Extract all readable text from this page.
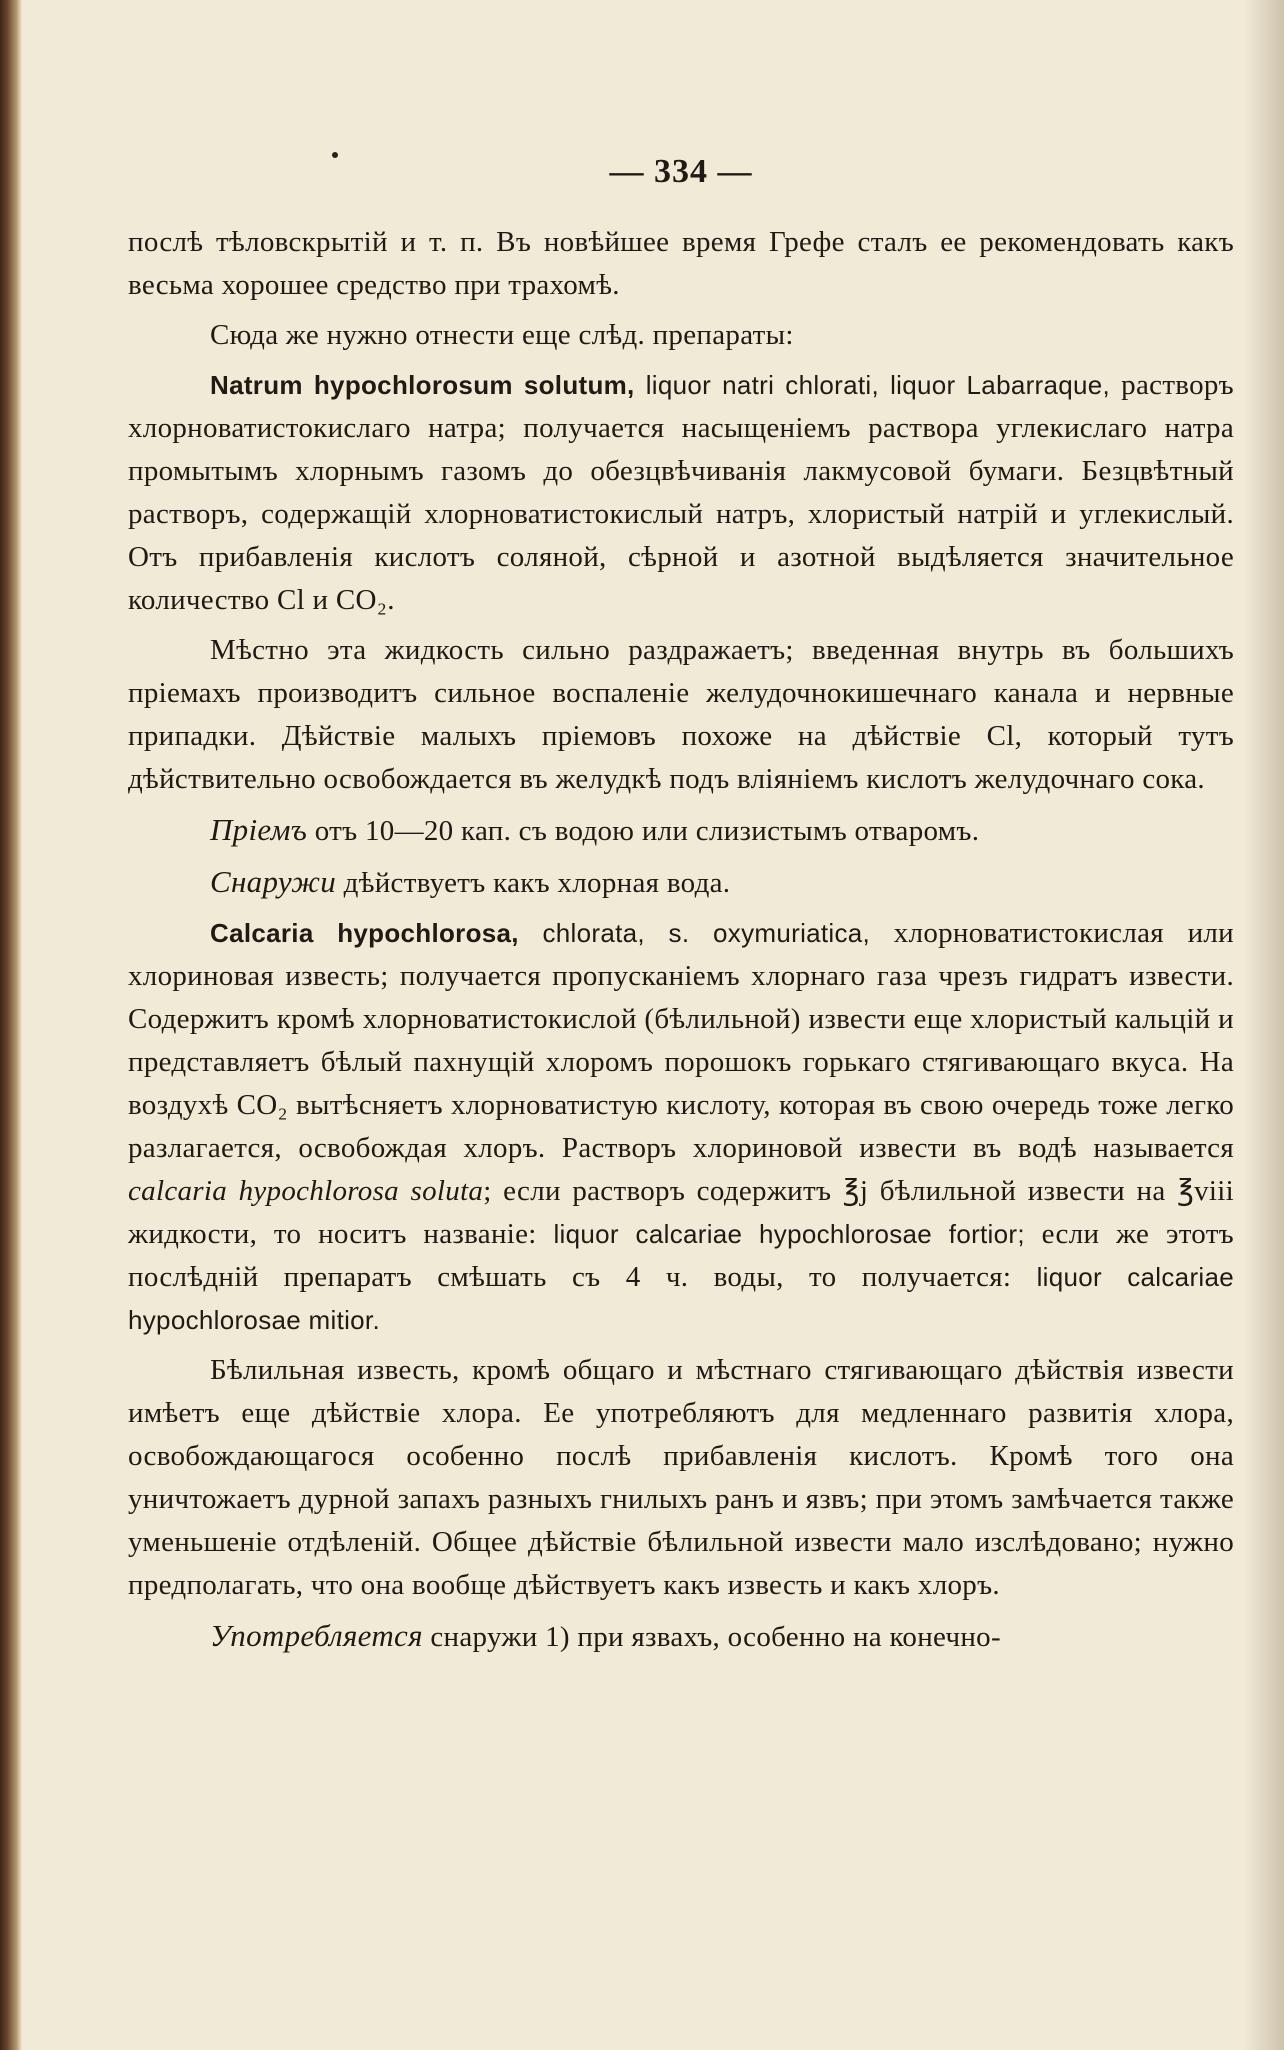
— 334 —

послѣ тѣловскрытій и т. п. Въ новѣйшее время Грефе сталъ ее рекомендовать какъ весьма хорошее средство при трахомѣ.

Сюда же нужно отнести еще слѣд. препараты:

Natrum hypochlorosum solutum, liquor natri chlorati, liquor Labarraque, растворъ хлорноватистокислаго натра; получается насыщеніемъ раствора углекислаго натра промытымъ хлорнымъ газомъ до обезцвѣчиванія лакмусовой бумаги. Безцвѣтный растворъ, содержащій хлорноватистокислый натръ, хлористый натрій и углекислый. Отъ прибавленія кислотъ соляной, сѣрной и азотной выдѣляется значительное количество Cl и CO₂.

Мѣстно эта жидкость сильно раздражаетъ; введенная внутрь въ большихъ пріемахъ производитъ сильное воспаленіе желудочнокишечнаго канала и нервные припадки. Дѣйствіе малыхъ пріемовъ похоже на дѣйствіе Cl, который тутъ дѣйствительно освобождается въ желудкѣ подъ вліяніемъ кислотъ желудочнаго сока.

Пріемъ отъ 10—20 кап. съ водою или слизистымъ отваромъ.

Снаружи дѣйствуетъ какъ хлорная вода.

Calcaria hypochlorosa, chlorata, s. oxymuriatica, хлорноватистокислая или хлориновая известь; получается пропусканіемъ хлорнаго газа чрезъ гидратъ извести. Содержитъ кромѣ хлорноватистокислой (бѣлильной) извести еще хлористый кальцій и представляетъ бѣлый пахнущій хлоромъ порошокъ горькаго стягивающаго вкуса. На воздухѣ CO₂ вытѣсняетъ хлорноватистую кислоту, которая въ свою очередь тоже легко разлагается, освобождая хлоръ. Растворъ хлориновой извести въ водѣ называется calcaria hypochlorosa soluta; если растворъ содержитъ ℥j бѣлильной извести на ℥viii жидкости, то носитъ названіе: liquor calcariae hypochlorosae fortior; если же этотъ послѣдній препаратъ смѣшать съ 4 ч. воды, то получается: liquor calcariae hypochlorosae mitior.

Бѣлильная известь, кромѣ общаго и мѣстнаго стягивающаго дѣйствія извести имѣетъ еще дѣйствіе хлора. Ее употребляютъ для медленнаго развитія хлора, освобождающагося особенно послѣ прибавленія кислотъ. Кромѣ того она уничтожаетъ дурной запахъ разныхъ гнилыхъ ранъ и язвъ; при этомъ замѣчается также уменьшеніе отдѣленій. Общее дѣйствіе бѣлильной извести мало изслѣдовано; нужно предполагать, что она вообще дѣйствуетъ какъ известь и какъ хлоръ.

Употребляется снаружи 1) при язвахъ, особенно на конечно-
